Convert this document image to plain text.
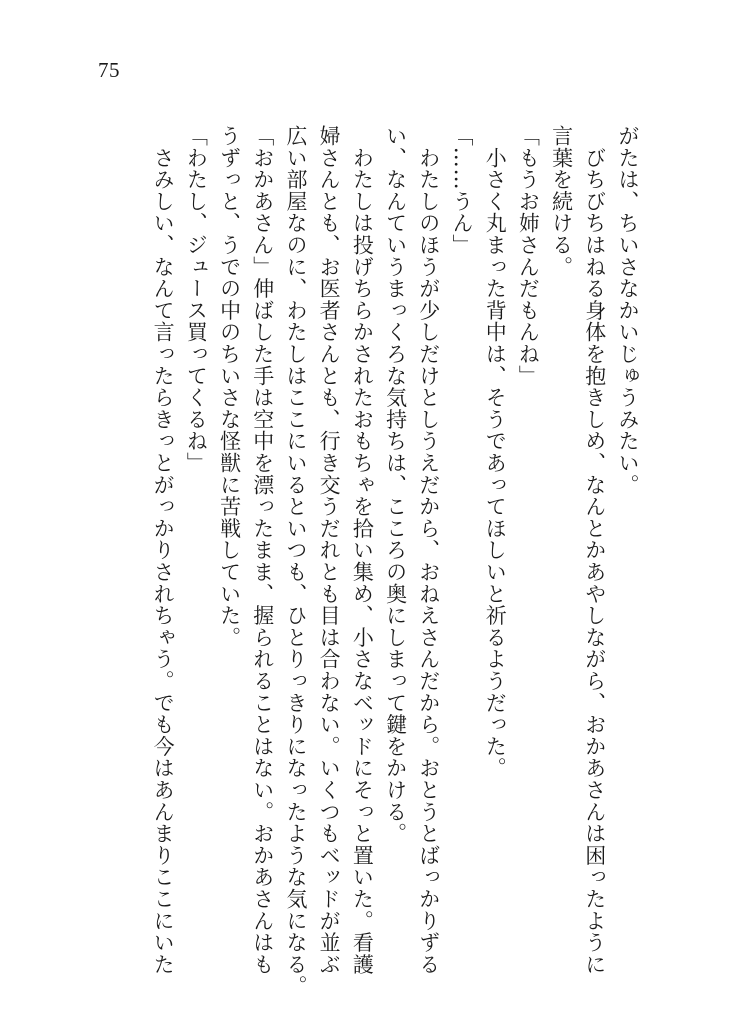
75

がたは、ちいさなかいじゅうみたい。

　びちびちはねる身体を抱きしめ、なんとかあやしながら、おかあさんは困ったように

言葉を続ける。

「もうお姉さんだもんね」

　小さく丸まった背中は、そうであってほしいと祈るようだった。

「……うん」

　わたしのほうが少しだけとしうえだから、おねえさんだから。おとうとばっかりずる

い、なんていうまっくろな気持ちは、こころの奥にしまって鍵をかける。

　わたしは投げちらかされたおもちゃを拾い集め、小さなベッドにそっと置いた。看護

婦さんとも、お医者さんとも、行き交うだれとも目は合わない。いくつもベッドが並ぶ

広い部屋なのに、わたしはここにいるといつも、ひとりっきりになったような気になる。

「おかあさん」伸ばした手は空中を漂ったまま、握られることはない。おかあさんはも

うずっと、うでの中のちいさな怪獣に苦戦していた。

「わたし、ジュース買ってくるね」

　さみしい、なんて言ったらきっとがっかりされちゃう。でも今はあんまりここにいた
